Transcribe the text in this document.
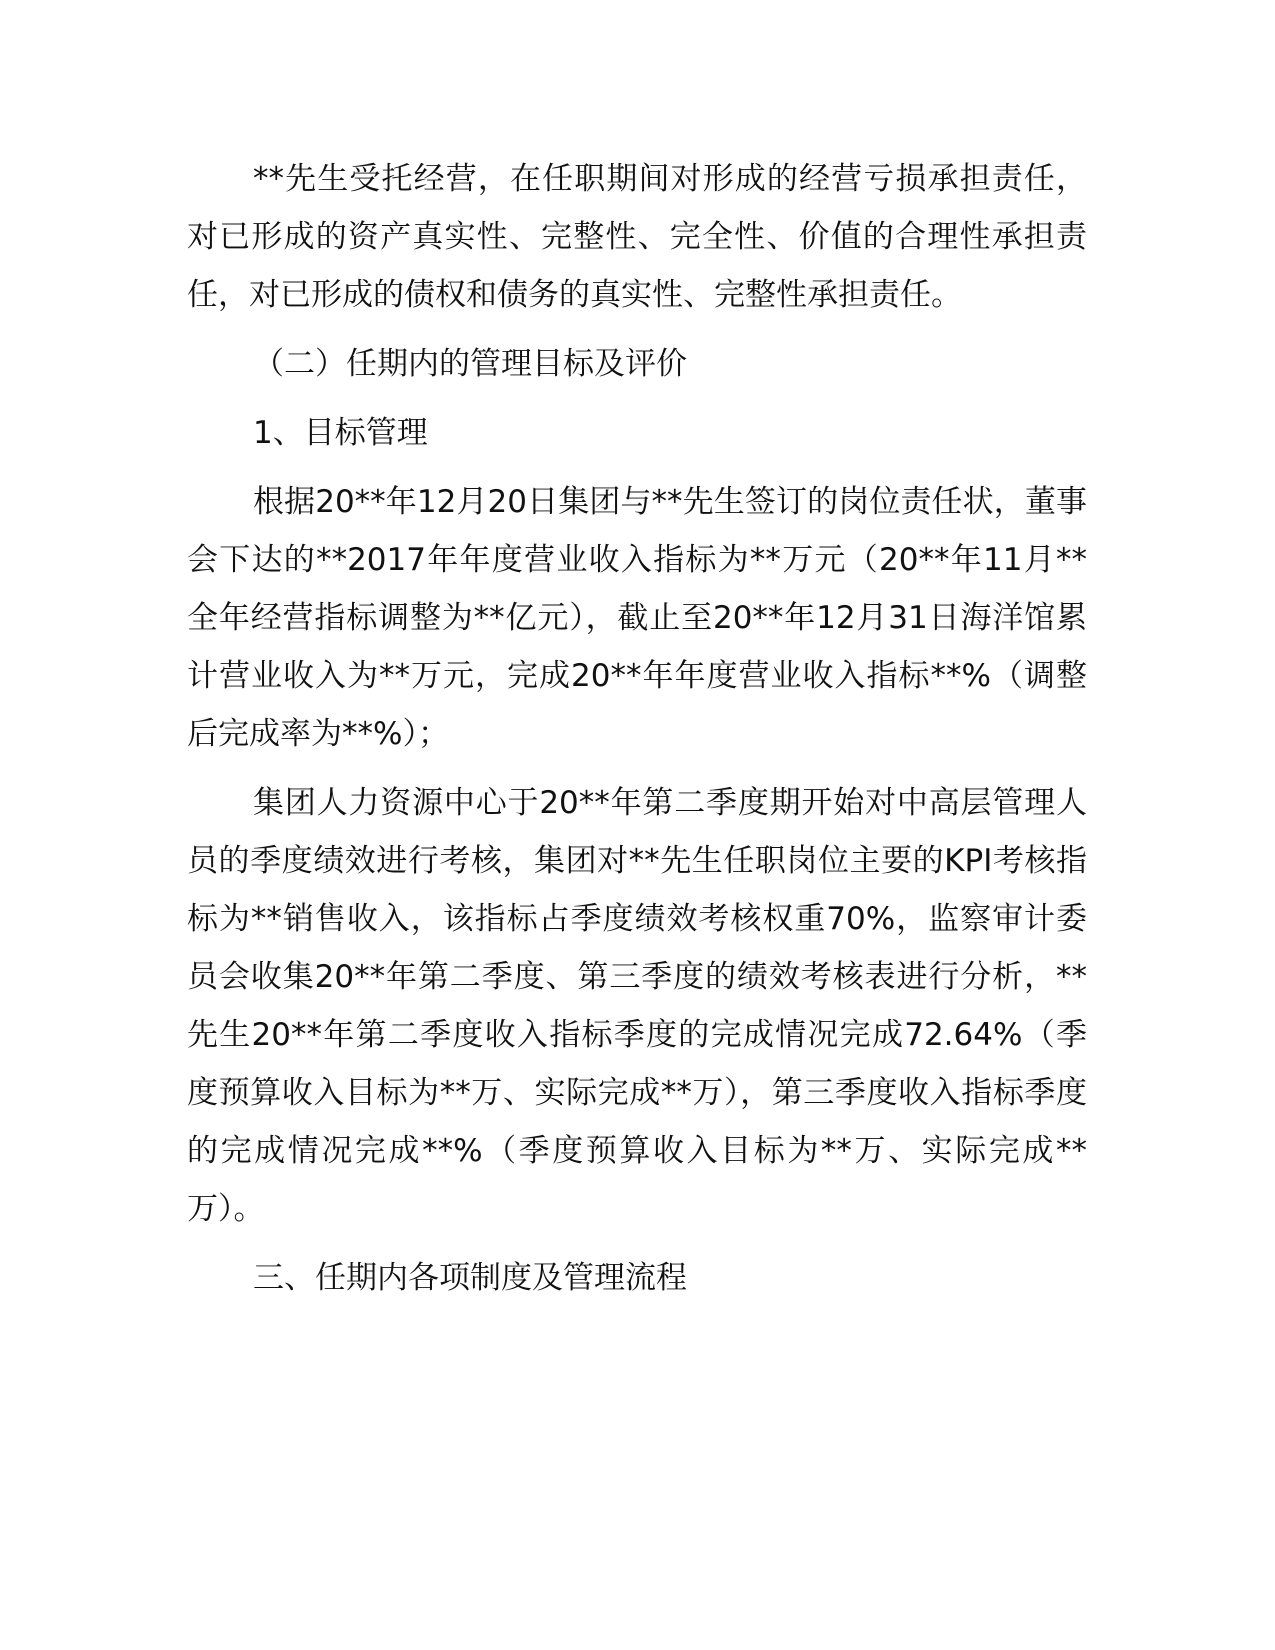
**先生受托经营，在任职期间对形成的经营亏损承担责任，对已形成的资产真实性、完整性、完全性、价值的合理性承担责任，对已形成的债权和债务的真实性、完整性承担责任。

（二）任期内的管理目标及评价

1、目标管理

根据20**年12月20日集团与**先生签订的岗位责任状，董事会下达的**2017年年度营业收入指标为**万元（20**年11月**全年经营指标调整为**亿元），截止至20**年12月31日海洋馆累计营业收入为**万元，完成20**年年度营业收入指标**%（调整后完成率为**%）；

集团人力资源中心于20**年第二季度期开始对中高层管理人员的季度绩效进行考核，集团对**先生任职岗位主要的KPI考核指标为**销售收入，该指标占季度绩效考核权重70%，监察审计委员会收集20**年第二季度、第三季度的绩效考核表进行分析，**先生20**年第二季度收入指标季度的完成情况完成72.64%（季度预算收入目标为**万、实际完成**万），第三季度收入指标季度的完成情况完成**%（季度预算收入目标为**万、实际完成**万）。

三、任期内各项制度及管理流程
